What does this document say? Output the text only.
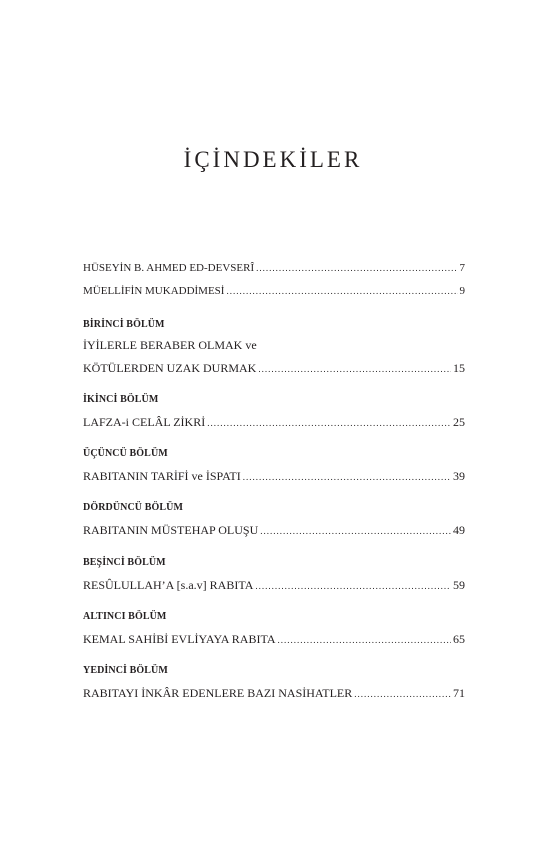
İÇİNDEKİLER
HÜSEYİN B. AHMED ED-DEVSERÎ .....	7
MÜELLİFİN MUKADDİMESİ .....	9
BİRİNCİ BÖLÜM
İYİLERLE BERABER OLMAK ve
KÖTÜLERDEN UZAK DURMAK .....	15
İKİNCİ BÖLÜM
LAFZA-i CELÂL ZİKRİ .....	25
ÜÇÜNCÜ BÖLÜM
RABITANIN TARİFİ ve İSPATI .....	39
DÖRDÜNCÜ BÖLÜM
RABITANIN MÜSTEHAP OLUŞU .....	49
BEŞİNCİ BÖLÜM
RESÛLULLAH’A [s.a.v] RABITA .....	59
ALTINCI BÖLÜM
KEMAL SAHİBİ EVLİYAYA RABITA .....	65
YEDİNCİ BÖLÜM
RABITAYI İNKÂR EDENLERE BAZI NASİHATLER .....	71
